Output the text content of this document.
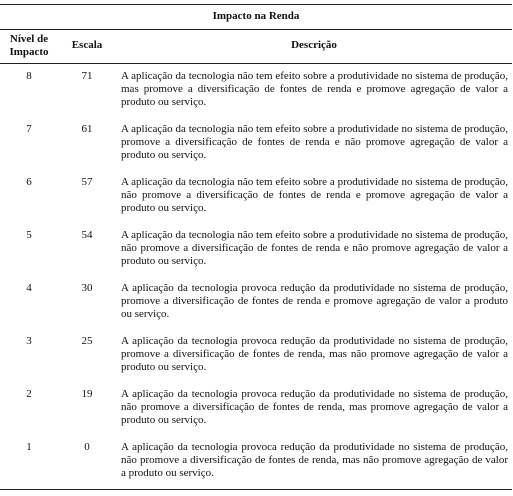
Impacto na Renda		
Nível de Impacto	Escala	Descrição
8	71	A aplicação da tecnologia não tem efeito sobre a produtividade no sistema de produção, mas promove a diversificação de fontes de renda e promove agregação de valor a produto ou serviço.
7	61	A aplicação da tecnologia não tem efeito sobre a produtividade no sistema de produção, promove a diversificação de fontes de renda e não promove agregação de valor a produto ou serviço.
6	57	A aplicação da tecnologia não tem efeito sobre a produtividade no sistema de produção, não promove a diversificação de fontes de renda e promove agregação de valor a produto ou serviço.
5	54	A aplicação da tecnologia não tem efeito sobre a produtividade no sistema de produção, não promove a diversificação de fontes de renda e não promove agregação de valor a produto ou serviço.
4	30	A aplicação da tecnologia provoca redução da produtividade no sistema de produção, promove a diversificação de fontes de renda e promove agregação de valor a produto ou serviço.
3	25	A aplicação da tecnologia provoca redução da produtividade no sistema de produção, promove a diversificação de fontes de renda, mas não promove agregação de valor a produto ou serviço.
2	19	A aplicação da tecnologia provoca redução da produtividade no sistema de produção, não promove a diversificação de fontes de renda, mas promove agregação de valor a produto ou serviço.
1	0	A aplicação da tecnologia provoca redução da produtividade no sistema de produção, não promove a diversificação de fontes de renda, mas não promove agregação de valor a produto ou serviço.
